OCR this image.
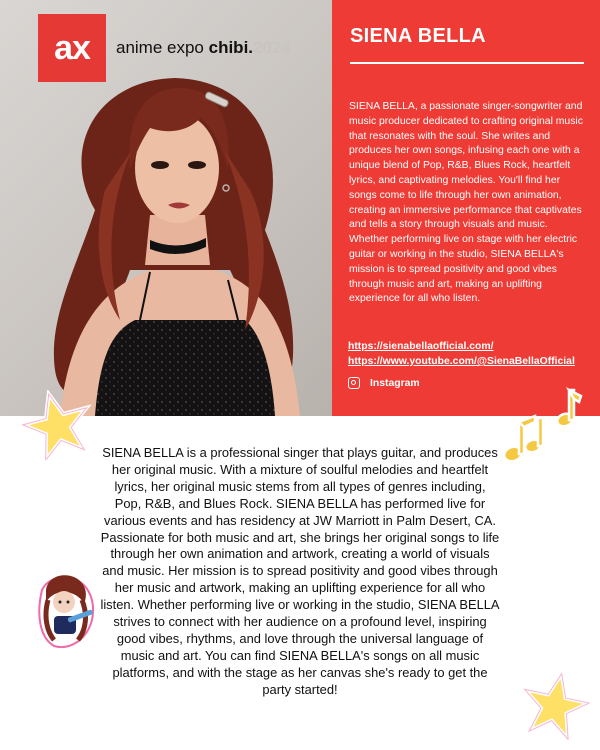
ax anime expo chibi.2024
SIENA BELLA
SIENA BELLA, a passionate singer-songwriter and music producer dedicated to crafting original music that resonates with the soul. She writes and produces her own songs, infusing each one with a unique blend of Pop, R&B, Blues Rock, heartfelt lyrics, and captivating melodies. You'll find her songs come to life through her own animation, creating an immersive performance that captivates and tells a story through visuals and music. Whether performing live on stage with her electric guitar or working in the studio, SIENA BELLA's mission is to spread positivity and good vibes through music and art, making an uplifting experience for all who listen.
https://sienabellaofficial.com/
https://www.youtube.com/@SienaBellaOfficial
Instagram
SIENA BELLA is a professional singer that plays guitar, and produces her original music. With a mixture of soulful melodies and heartfelt lyrics, her original music stems from all types of genres including, Pop, R&B, and Blues Rock. SIENA BELLA has performed live for various events and has residency at JW Marriott in Palm Desert, CA. Passionate for both music and art, she brings her original songs to life through her own animation and artwork, creating a world of visuals and music. Her mission is to spread positivity and good vibes through her music and artwork, making an uplifting experience for all who listen. Whether performing live or working in the studio, SIENA BELLA strives to connect with her audience on a profound level, inspiring good vibes, rhythms, and love through the universal language of music and art. You can find SIENA BELLA's songs on all music platforms, and with the stage as her canvas she's ready to get the party started!
